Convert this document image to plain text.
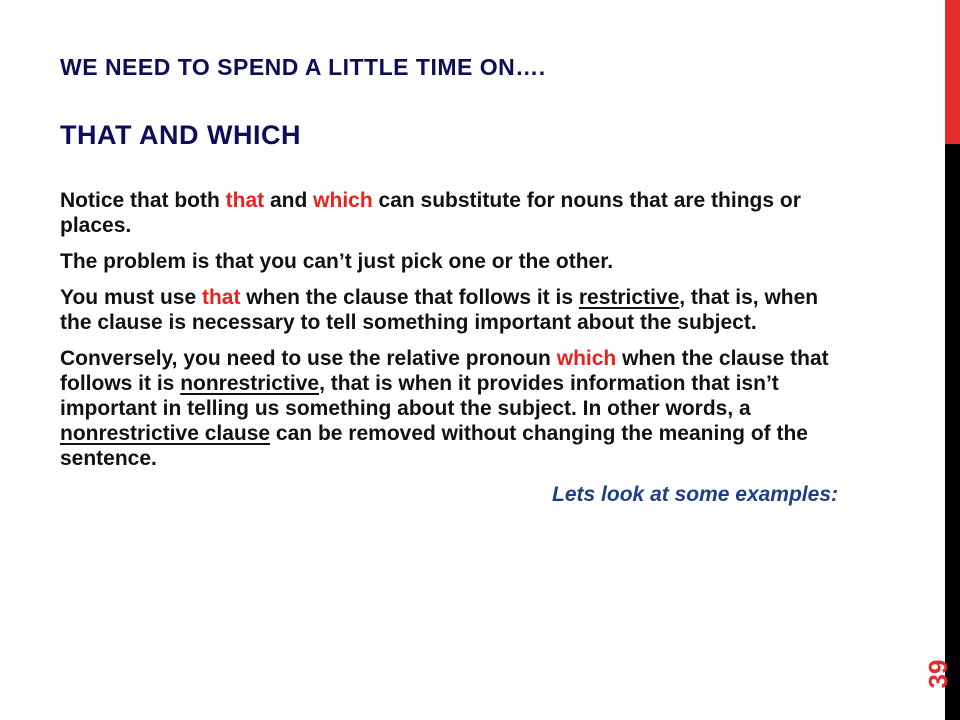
WE NEED TO SPEND A LITTLE TIME ON….
THAT AND WHICH

Notice that both that and which can substitute for nouns that are things or places.

The problem is that you can’t just pick one or the other.

You must use that when the clause that follows it is restrictive, that is, when the clause is necessary to tell something important about the subject.

Conversely, you need to use the relative pronoun which when the clause that follows it is nonrestrictive, that is when it provides information that isn’t important in telling us something about the subject. In other words, a nonrestrictive clause can be removed without changing the meaning of the sentence.

Lets look at some examples:

39
